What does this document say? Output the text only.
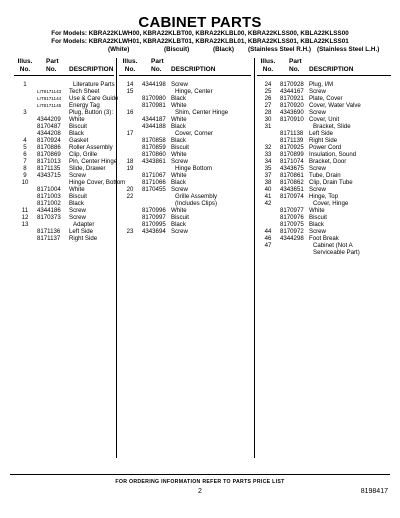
CABINET PARTS
For Models: KBRA22KLWH00, KBRA22KLBT00, KBRA22KLBL00, KBRA22KLSS00, KBLA22KLSS00
For Models: KBRA22KLWH01, KBRA22KLBT01, KBRA22KLBL01, KBRA22KLSS01, KBLA22KLSS01
(White)	(Biscuit)	(Black) (Stainless Steel R.H.) (Stainless Steel L.H.)
Illus.
No.
Part
No.	DESCRIPTION
1	Literature Parts
LIT8171143 Tech Sheet
LIT8171144 Use & Care Guide
LIT8171145 Energy Tag
3	Plug, Button (3):
4344209 White
8170487 Biscuit
4344208 Black
4	8170924 Gasket
5	8170886 Roller Assembly
6	8170869 Clip, Grille
7	8171013 Pin, Center Hinge
8	8171135 Slide, Drawer
9	4343715 Screw
10	Hinge Cover, Bottom
8171004 White
8171003 Biscuit
8171002 Black
11	4344186 Screw
12	8170373 Screw
13	Adapter
8171136 Left Side
8171137 Right Side
Illus.
No.
Part
No.	DESCRIPTION
14	4344198 Screw
15	Hinge, Center
8170980 Black
8170981 White
16	Shim, Center Hinge
4344187 White
4344188 Black
17	Cover, Corner
8170858 Black
8170859 Biscuit
8170860 White
18	4343861 Screw
19	Hinge Bottom
8171067 White
8171066 Black
20	8170455 Screw
22	Grille Assembly
(Includes Clips)
8170996 White
8170997 Biscuit
8170995 Black
23	4343694 Screw
Illus.
No.
Part
No.	DESCRIPTION
24	8170928 Plug, I/M
25	4344167 Screw
26	8170921 Plate, Cover
27	8170920 Cover, Water Valve
28	4343690 Screw
30	8170910 Cover, Unit
31	Bracket, Slide
8171138 Left Side
8171139 Right Side
32	8170925 Power Cord
33	8170899 Insulation, Sound
34	8171074 Bracket, Door
35	4343675 Screw
37	8170861 Tube, Drain
38	8170862 Clip, Drain Tube
40	4343651 Screw
41	8170974 Hinge, Top
42	Cover, Hinge
8170977 White
8170976 Biscuit
8170975 Black
44	8170972 Screw
46	4344298 Foot Break
47	Cabinet (Not A
Serviceable Part)
FOR ORDERING INFORMATION REFER TO PARTS PRICE LIST
2	8198417
